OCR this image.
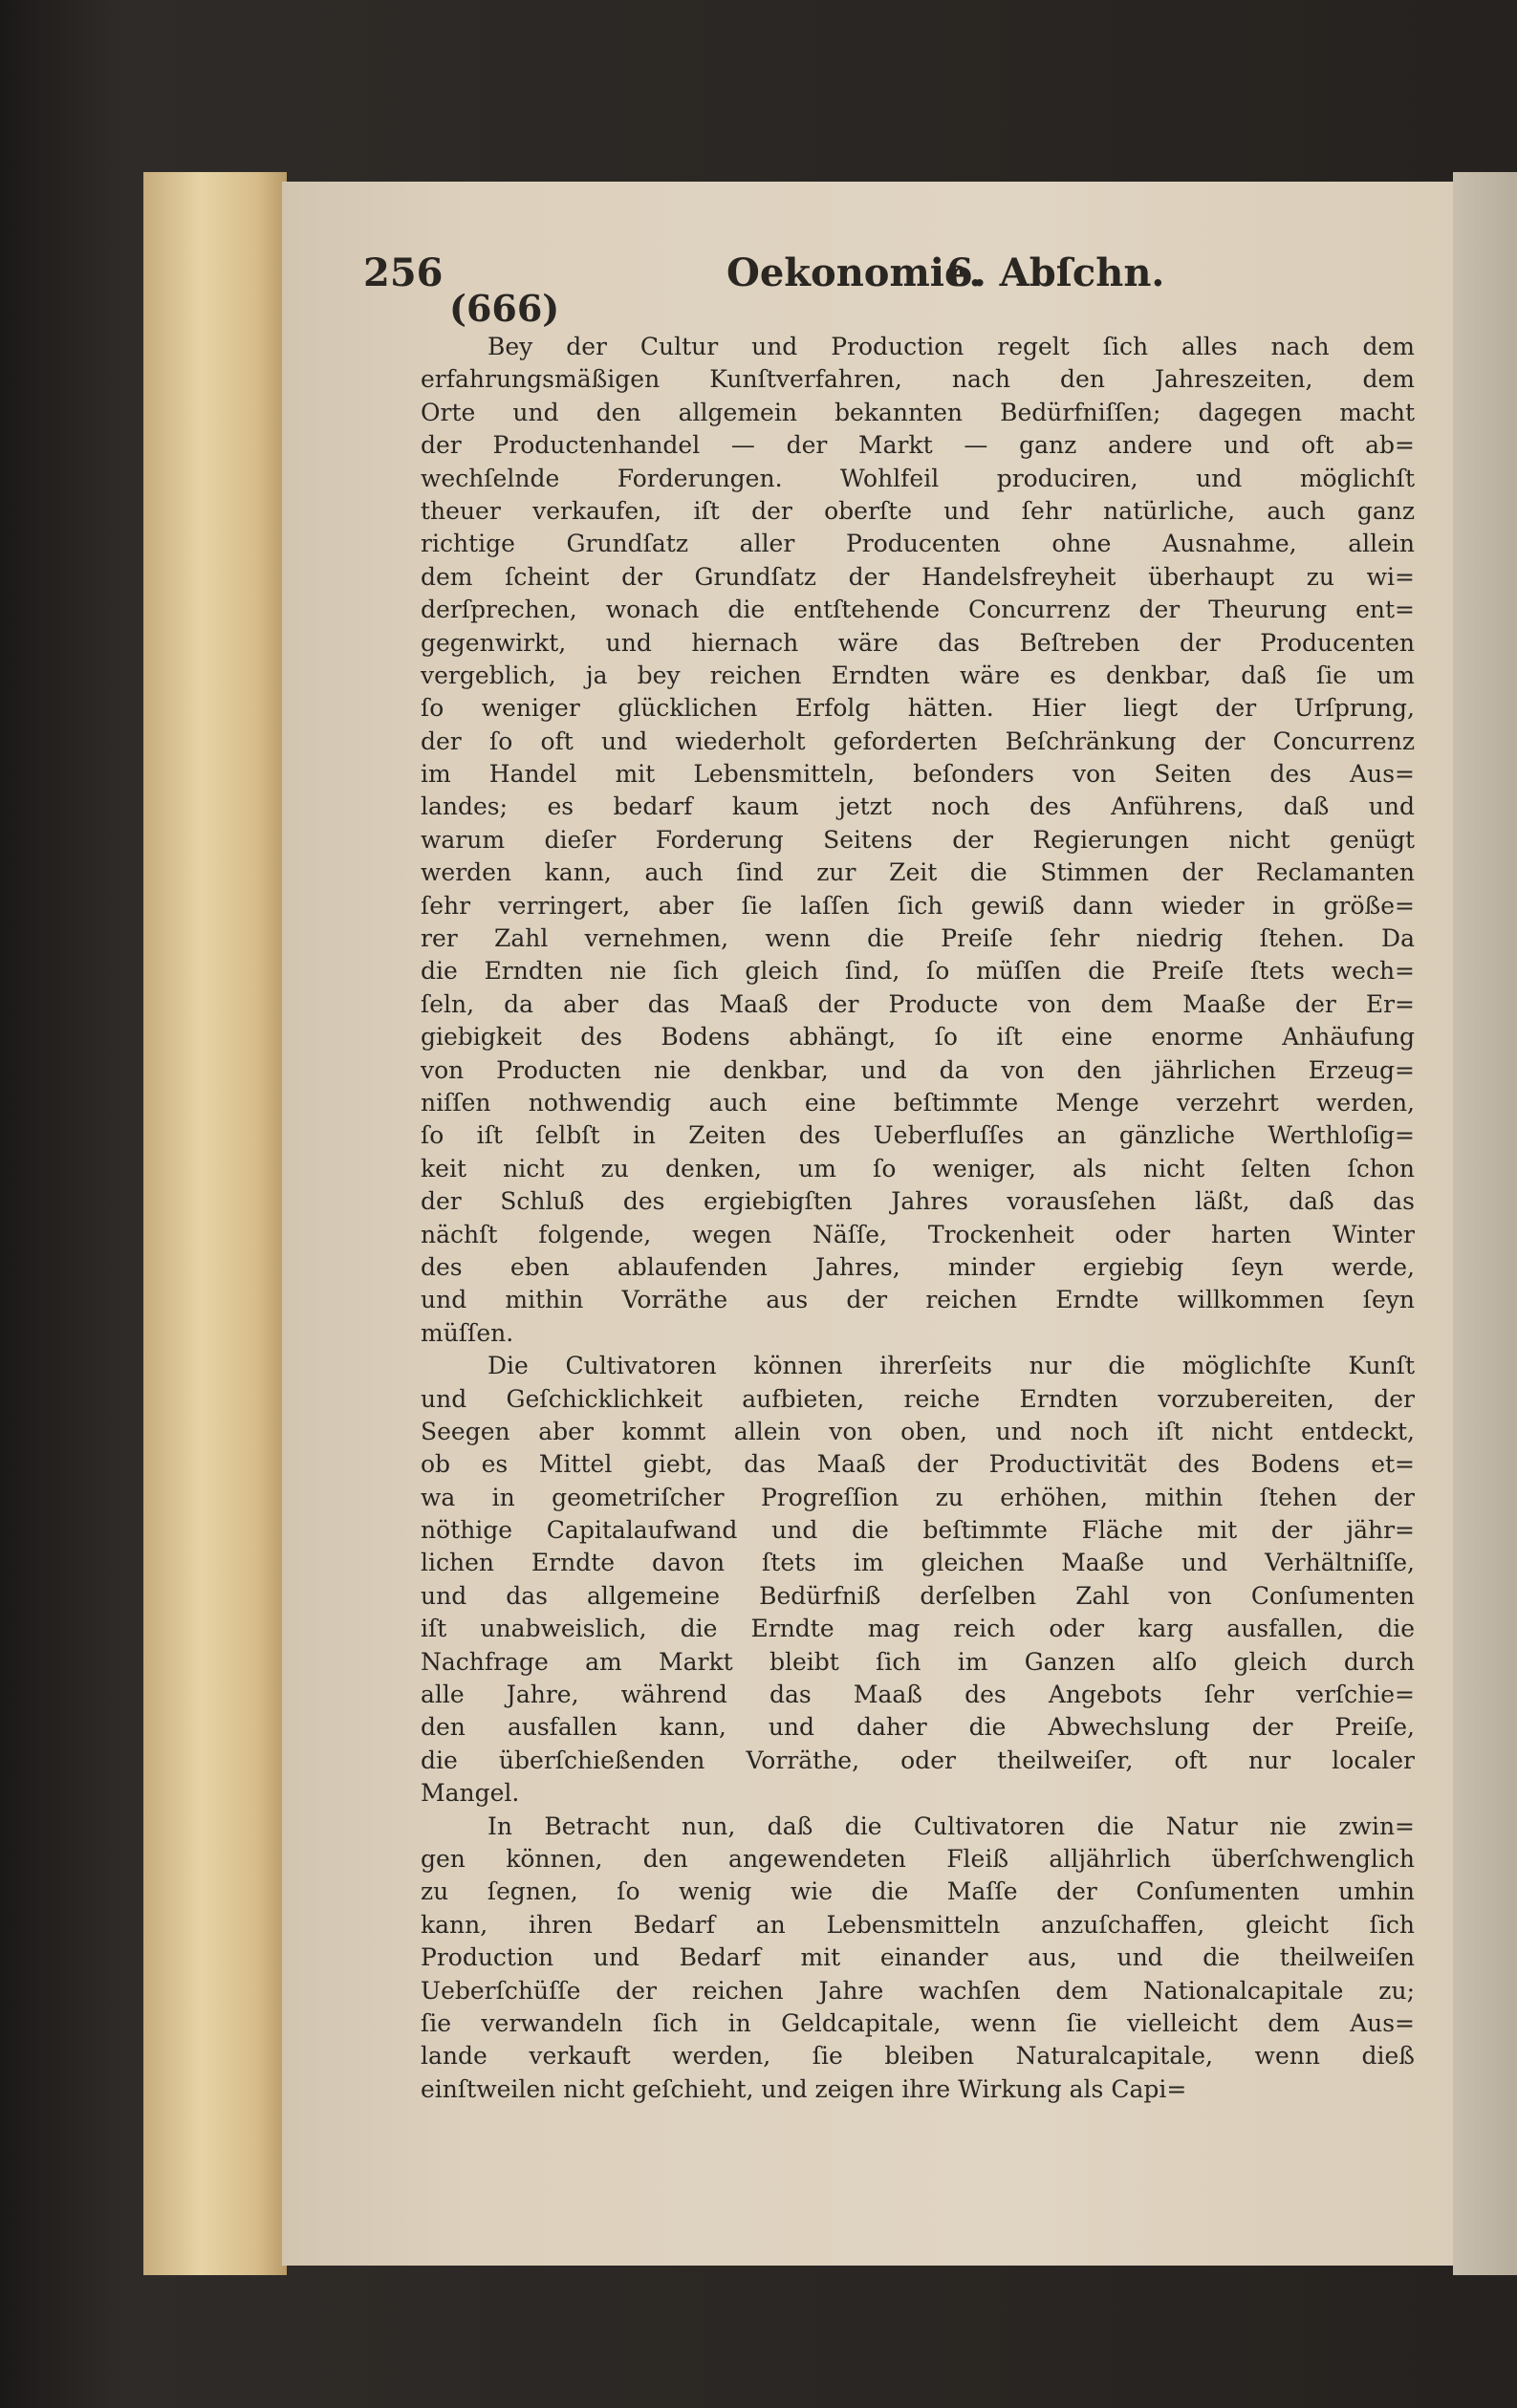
256	Oekonomie.
6. Abſchn.
(666)
Bey der Cultur und Production regelt ſich alles nach dem
erfahrungsmäßigen Kunſtverfahren, nach den Jahreszeiten, dem
Orte und den allgemein bekannten Bedürfniſſen; dagegen macht
der Productenhandel — der Markt — ganz andere und oft ab=
wechſelnde Forderungen. Wohlfeil produciren, und möglichſt
theuer verkaufen, iſt der oberſte und ſehr natürliche, auch ganz
richtige Grundſatz aller Producenten ohne Ausnahme, allein
dem ſcheint der Grundſatz der Handelsfreyheit überhaupt zu wi=
derſprechen, wonach die entſtehende Concurrenz der Theurung ent=
gegenwirkt, und hiernach wäre das Beſtreben der Producenten
vergeblich, ja bey reichen Erndten wäre es denkbar, daß ſie um
ſo weniger glücklichen Erfolg hätten. Hier liegt der Urſprung,
der ſo oft und wiederholt geforderten Beſchränkung der Concurrenz
im Handel mit Lebensmitteln, beſonders von Seiten des Aus=
landes; es bedarf kaum jetzt noch des Anführens, daß und
warum dieſer Forderung Seitens der Regierungen nicht genügt
werden kann, auch ſind zur Zeit die Stimmen der Reclamanten
ſehr verringert, aber ſie laſſen ſich gewiß dann wieder in größe=
rer Zahl vernehmen, wenn die Preiſe ſehr niedrig ſtehen. Da
die Erndten nie ſich gleich ſind, ſo müſſen die Preiſe ſtets wech=
ſeln, da aber das Maaß der Producte von dem Maaße der Er=
giebigkeit des Bodens abhängt, ſo iſt eine enorme Anhäufung
von Producten nie denkbar, und da von den jährlichen Erzeug=
niſſen nothwendig auch eine beſtimmte Menge verzehrt werden,
ſo iſt ſelbſt in Zeiten des Ueberfluſſes an gänzliche Werthloſig=
keit nicht zu denken, um ſo weniger, als nicht ſelten ſchon
der Schluß des ergiebigſten Jahres vorausſehen läßt, daß das
nächſt folgende, wegen Näſſe, Trockenheit oder harten Winter
des eben ablaufenden Jahres, minder ergiebig ſeyn werde,
und mithin Vorräthe aus der reichen Erndte willkommen ſeyn
müſſen.
Die Cultivatoren können ihrerſeits nur die möglichſte Kunſt
und Geſchicklichkeit aufbieten, reiche Erndten vorzubereiten, der
Seegen aber kommt allein von oben, und noch iſt nicht entdeckt,
ob es Mittel giebt, das Maaß der Productivität des Bodens et=
wa in geometriſcher Progreſſion zu erhöhen, mithin ſtehen der
nöthige Capitalaufwand und die beſtimmte Fläche mit der jähr=
lichen Erndte davon ſtets im gleichen Maaße und Verhältniſſe,
und das allgemeine Bedürfniß derſelben Zahl von Conſumenten
iſt unabweislich, die Erndte mag reich oder karg ausfallen, die
Nachfrage am Markt bleibt ſich im Ganzen alſo gleich durch
alle Jahre, während das Maaß des Angebots ſehr verſchie=
den ausfallen kann, und daher die Abwechslung der Preiſe,
die überſchießenden Vorräthe, oder theilweiſer, oft nur localer
Mangel.
In Betracht nun, daß die Cultivatoren die Natur nie zwin=
gen können, den angewendeten Fleiß alljährlich überſchwenglich
zu ſegnen, ſo wenig wie die Maſſe der Conſumenten umhin
kann, ihren Bedarf an Lebensmitteln anzuſchaffen, gleicht ſich
Production und Bedarf mit einander aus, und die theilweiſen
Ueberſchüſſe der reichen Jahre wachſen dem Nationalcapitale zu;
ſie verwandeln ſich in Geldcapitale, wenn ſie vielleicht dem Aus=
lande verkauft werden, ſie bleiben Naturalcapitale, wenn dieß
einſtweilen nicht geſchieht, und zeigen ihre Wirkung als Capi=
